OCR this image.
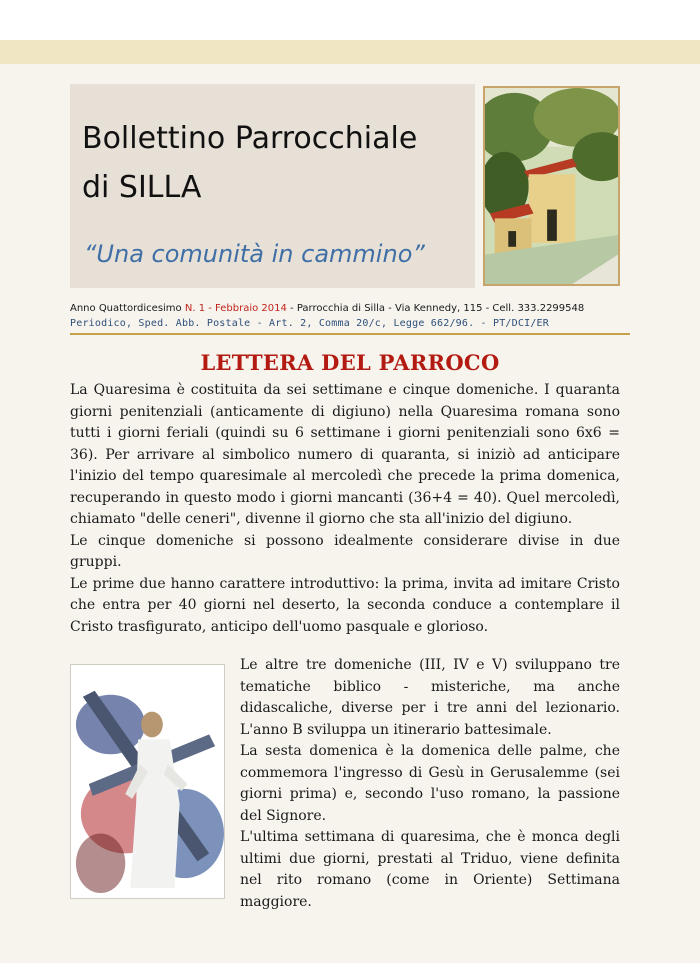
Bollettino Parrocchiale
di SILLA
“Una comunità in cammino”
Anno Quattordicesimo N. 1 - Febbraio 2014 - Parrocchia di Silla - Via Kennedy, 115 - Cell. 333.2299548
Periodico, Sped. Abb. Postale - Art. 2, Comma 20/c, Legge 662/96. - PT/DCI/ER
LETTERA DEL PARROCO

La Quaresima è costituita da sei settimane e cinque domeniche. I quaranta giorni penitenziali (anticamente di digiuno) nella Quaresima romana sono tutti i giorni feriali (quindi su 6 settimane i giorni penitenziali sono 6x6 = 36). Per arrivare al simbolico numero di quaranta, si iniziò ad anticipare l'inizio del tempo quaresimale al mercoledì che precede la prima domenica, recuperando in questo modo i giorni mancanti (36+4 = 40). Quel mercoledì, chiamato "delle ceneri", divenne il giorno che sta all'inizio del digiuno.

Le cinque domeniche si possono idealmente considerare divise in due gruppi.

Le prime due hanno carattere introduttivo: la prima, invita ad imitare Cristo che entra per 40 giorni nel deserto, la seconda conduce a contemplare il Cristo trasfigurato, anticipo dell'uomo pasquale e glorioso.

Le altre tre domeniche (III, IV e V) sviluppano tre tematiche biblico - misteriche, ma anche didascaliche, diverse per i tre anni del lezionario. L'anno B sviluppa un itinerario battesimale.

La sesta domenica è la domenica delle palme, che commemora l'ingresso di Gesù in Gerusalemme (sei giorni prima) e, secondo l'uso romano, la passione del Signore.

L'ultima settimana di quaresima, che è monca degli ultimi due giorni, prestati al Triduo, viene definita nel rito romano (come in Oriente) Settimana maggiore.
